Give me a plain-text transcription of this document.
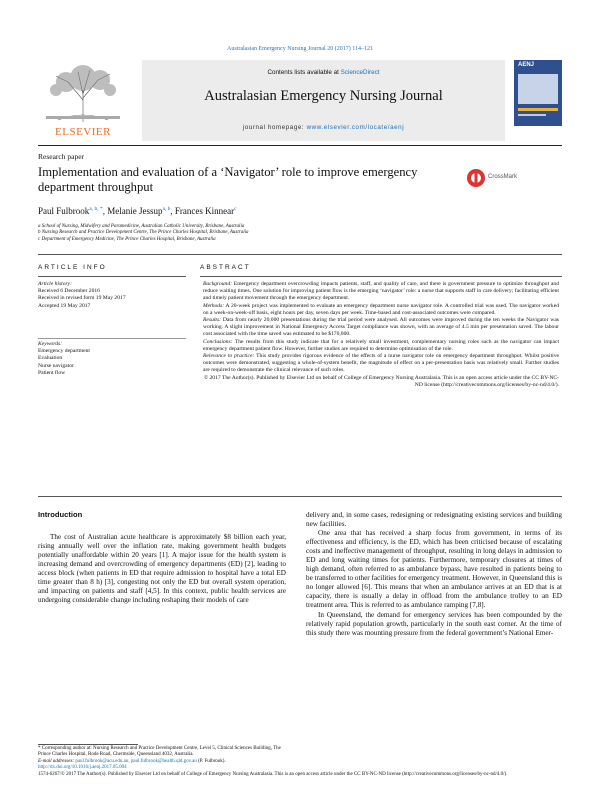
Australasian Emergency Nursing Journal 20 (2017) 114–121
ELSEVIER
Contents lists available at ScienceDirect
Australasian Emergency Nursing Journal
journal homepage: www.elsevier.com/locate/aenj
AENJ
Research paper
Implementation and evaluation of a ‘Navigator’ role to improve emergency department throughput
CrossMark
Paul Fulbrook$^{a, b, *}$, Melanie Jessup$^{a, b}$, Frances Kinnear$^c$
a School of Nursing, Midwifery and Paramedicine, Australian Catholic University, Brisbane, Australia
b Nursing Research and Practice Development Centre, The Prince Charles Hospital, Brisbane, Australia
c Department of Emergency Medicine, The Prince Charles Hospital, Brisbane, Australia
ARTICLE INFO	ABSTRACT
Article history:
Received 6 December 2016
Received in revised form 19 May 2017
Accepted 19 May 2017
Keywords:
Emergency department
Evaluation
Nurse navigator
Patient flow

Background: Emergency department overcrowding impacts patients, staff, and quality of care, and there is government pressure to optimize throughput and reduce waiting times. One solution for improving patient flow is the emerging ‘navigator’ role: a nurse that supports staff in care delivery; facilitating efficient and timely patient movement through the emergency department.

Methods: A 20-week project was implemented to evaluate an emergency department nurse navigator role. A controlled trial was used. The navigator worked on a week-on-week-off basis, eight hours per day, seven days per week. Time-based and cost-associated outcomes were compared.

Results: Data from nearly 20,000 presentations during the trial period were analysed. All outcomes were improved during the ten weeks the Navigator was working. A slight improvement in National Emergency Access Target compliance was shown, with an average of 4.5 min per presentation saved. The labour cost associated with the time saved was estimated to be $170,000.

Conclusions: The results from this study indicate that for a relatively small investment, complementary nursing roles such as the navigator can impact emergency department patient flow. However, further studies are required to determine optimisation of the role.

Relevance to practice: This study provides rigorous evidence of the effects of a nurse navigator role on emergency department throughput. Whilst positive outcomes were demonstrated, suggesting a whole-of-system benefit, the magnitude of effect on a per-presentation basis was relatively small. Further studies are required to demonstrate the clinical relevance of such roles.

© 2017 The Author(s). Published by Elsevier Ltd on behalf of College of Emergency Nursing Australasia. This is an open access article under the CC BY-NC-ND license (http://creativecommons.org/licenses/by-nc-nd/4.0/).

Introduction

The cost of Australian acute healthcare is approximately $8 billion each year, rising annually well over the inflation rate, making government health budgets potentially unaffordable within 20 years [1]. A major issue for the health system is increasing demand and overcrowding of emergency departments (ED) [2], leading to access block (when patients in ED that require admission to hospital have a total ED time greater than 8 h) [3], congesting not only the ED but overall system operation, and impacting on patients and staff [4,5]. In this context, public health services are undergoing considerable change including reshaping their models of care

delivery and, in some cases, redesigning or redesignating existing services and building new facilities.

One area that has received a sharp focus from government, in terms of its effectiveness and efficiency, is the ED, which has been criticised because of escalating costs and ineffective management of throughput, resulting in long delays in admission to ED and long waiting times for patients. Furthermore, temporary closures at times of high demand, often referred to as ambulance bypass, have resulted in patients being to be transferred to other facilities for emergency treatment. However, in Queensland this is no longer allowed [6]. This means that when an ambulance arrives at an ED that is at capacity, there is usually a delay in offload from the ambulance trolley to an ED treatment area. This is referred to as ambulance ramping [7,8].

In Queensland, the demand for emergency services has been compounded by the relatively rapid population growth, particularly in the south east corner. At the time of this study there was mounting pressure from the federal government’s National Emer-

* Corresponding author at: Nursing Research and Practice Development Centre, Level 5, Clinical Sciences Building, The Prince Charles Hospital, Rode Road, Chermside, Queensland 4032, Australia.
E-mail addresses: paul.fulbrook@acu.edu.au, paul.fulbrook@health.qld.gov.au (P. Fulbrook).
http://dx.doi.org/10.1016/j.aenj.2017.05.004
1574-6267/© 2017 The Author(s). Published by Elsevier Ltd on behalf of College of Emergency Nursing Australasia. This is an open access article under the CC BY-NC-ND license (http://creativecommons.org/licenses/by-nc-nd/4.0/).
